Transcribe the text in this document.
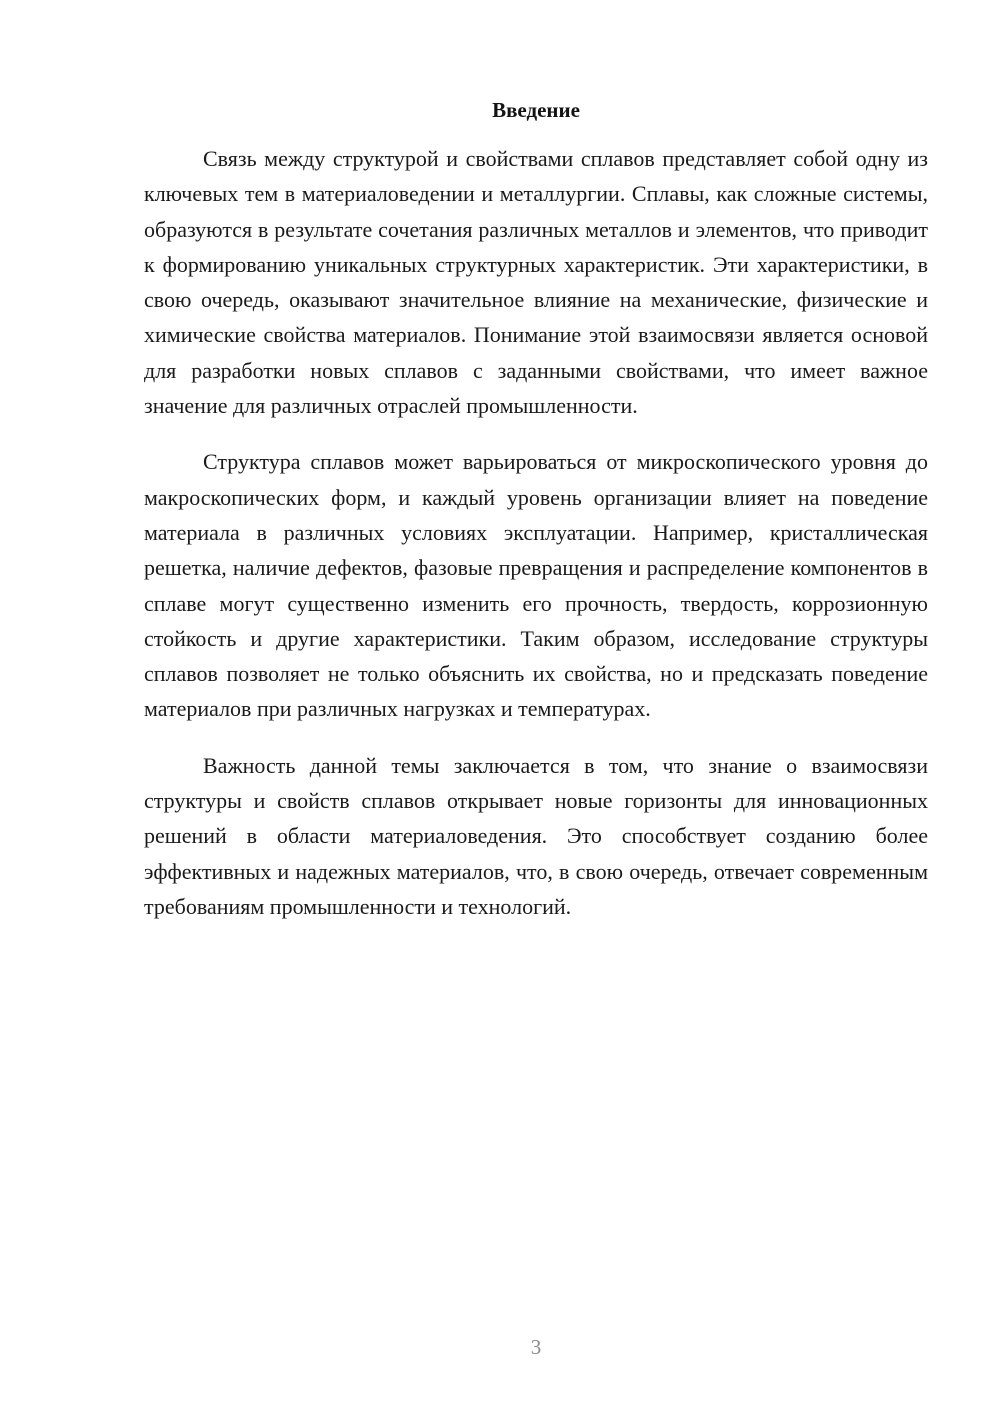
Введение

Связь между структурой и свойствами сплавов представляет собой одну из ключевых тем в материаловедении и металлургии. Сплавы, как сложные системы, образуются в результате сочетания различных металлов и элементов, что приводит к формированию уникальных структурных характеристик. Эти характеристики, в свою очередь, оказывают значительное влияние на механические, физические и химические свойства материалов. Понимание этой взаимосвязи является основой для разработки новых сплавов с заданными свойствами, что имеет важное значение для различных отраслей промышленности.

Структура сплавов может варьироваться от микроскопического уровня до макроскопических форм, и каждый уровень организации влияет на поведение материала в различных условиях эксплуатации. Например, кристаллическая решетка, наличие дефектов, фазовые превращения и распределение компонентов в сплаве могут существенно изменить его прочность, твердость, коррозионную стойкость и другие характеристики. Таким образом, исследование структуры сплавов позволяет не только объяснить их свойства, но и предсказать поведение материалов при различных нагрузках и температурах.

Важность данной темы заключается в том, что знание о взаимосвязи структуры и свойств сплавов открывает новые горизонты для инновационных решений в области материаловедения. Это способствует созданию более эффективных и надежных материалов, что, в свою очередь, отвечает современным требованиям промышленности и технологий.

3
